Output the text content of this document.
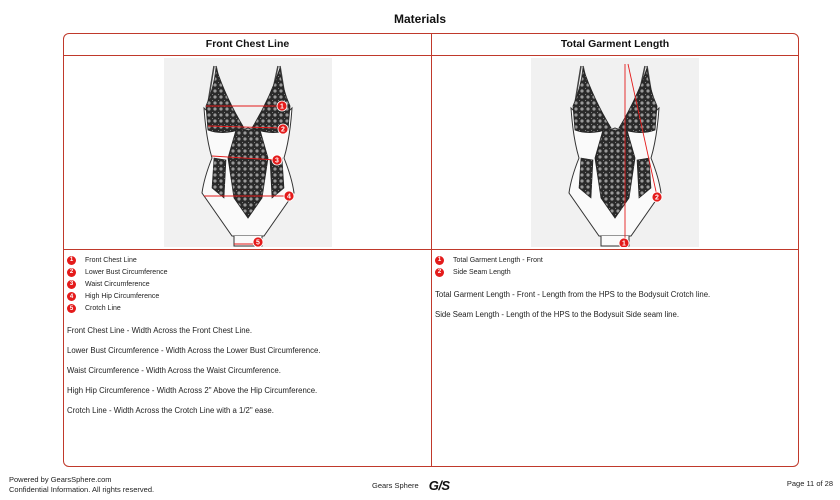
Materials
Front Chest Line
1
2
3
4
5
1	Front Chest Line
2	Lower Bust Circumference
3	Waist Circumference
4	High Hip Circumference
5	Crotch Line

Front Chest Line - Width Across the Front Chest Line.

Lower Bust Circumference - Width Across the Lower Bust Circumference.

Waist Circumference - Width Across the Waist Circumference.

High Hip Circumference - Width Across 2" Above the Hip Circumference.

Crotch Line - Width Across the Crotch Line with a 1/2" ease.

Total Garment Length
2
1
1	Total Garment Length - Front
2	Side Seam Length

Total Garment Length - Front - Length from the HPS to the Bodysuit Crotch line.

Side Seam Length - Length of the HPS to the Bodysuit Side seam line.

Powered by GearsSphere.com
Confidential Information. All rights reserved.	Gears Sphere G/S	Page 11 of 28
